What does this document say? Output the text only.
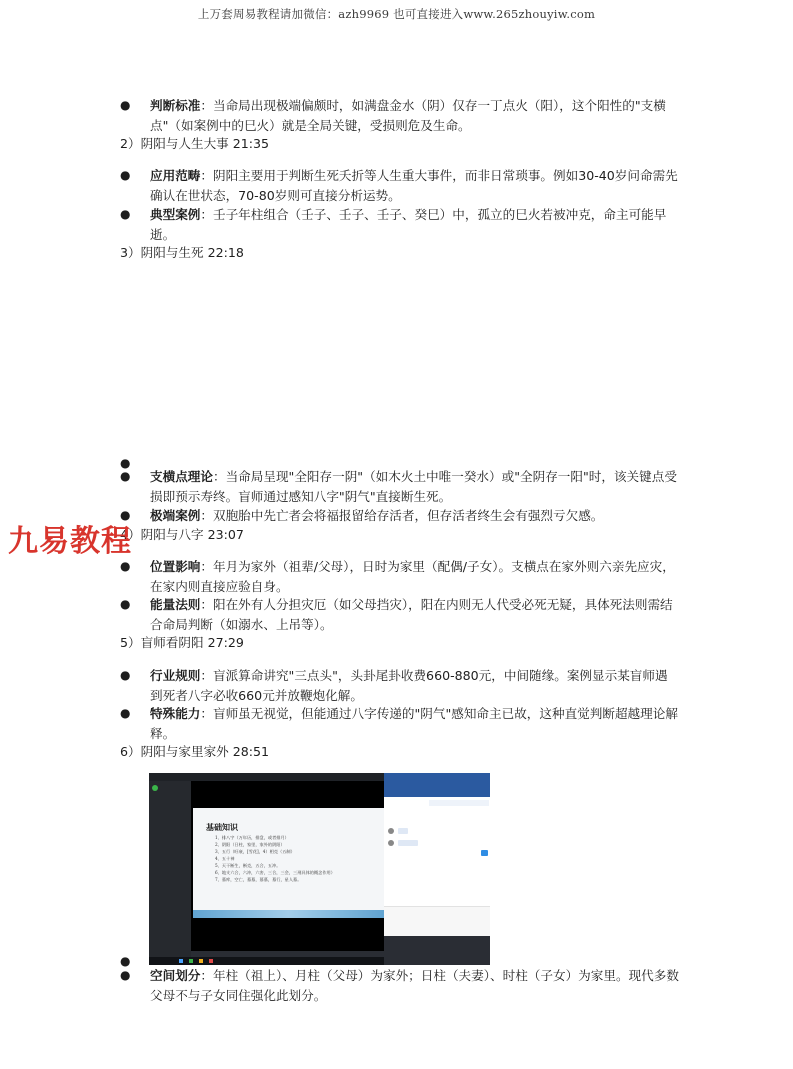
上万套周易教程请加微信：azh9969 也可直接进入www.265zhouyiw.com
● 判断标准：当命局出现极端偏颇时，如满盘金水（阴）仅存一丁点火（阳），这个阳性的"支横点"（如案例中的巳火）就是全局关键，受损则危及生命。
2）阴阳与人生大事 21:35
● 应用范畴：阴阳主要用于判断生死夭折等人生重大事件，而非日常琐事。例如30-40岁问命需先确认在世状态，70-80岁则可直接分析运势。
● 典型案例：壬子年柱组合（壬子、壬子、壬子、癸巳）中，孤立的巳火若被冲克，命主可能早逝。
3）阴阳与生死 22:18
●
● 支横点理论：当命局呈现"全阳存一阴"（如木火土中唯一癸水）或"全阴存一阳"时，该关键点受损即预示寿终。盲师通过感知八字"阴气"直接断生死。
● 极端案例：双胞胎中先亡者会将福报留给存活者，但存活者终生会有强烈亏欠感。
4）阴阳与八字 23:07
九易教程
● 位置影响：年月为家外（祖辈/父母），日时为家里（配偶/子女）。支横点在家外则六亲先应灾，在家内则直接应验自身。
● 能量法则：阳在外有人分担灾厄（如父母挡灾），阳在内则无人代受必死无疑，具体死法则需结合命局判断（如溺水、上吊等）。
5）盲师看阴阳 27:29
● 行业规则：盲派算命讲究"三点头"，头卦尾卦收费660-880元，中间随缘。案例显示某盲师遇到死者八字必收660元并放鞭炮化解。
● 特殊能力：盲师虽无视觉，但能通过八字传递的"阴气"感知命主已故，这种直觉判断超越理论解释。
6）阴阳与家里家外 28:51
基础知识
1、排八字（万年历，排盘，或者排月）
2、阴阳（日柱，家里，家外的阴阳）
3、五行（旺衰，[雪花]，4）相克（五制）
4、五十神
5、天干断生，断克，五合，五冲。
6、地支六合，六冲，六害，三合，三会，三刑具体的概念作用）
7、墓库，空亡，墓墓，墓墓，墓行，星人墓。
●
● 空间划分：年柱（祖上）、月柱（父母）为家外；日柱（夫妻）、时柱（子女）为家里。现代多数父母不与子女同住强化此划分。
